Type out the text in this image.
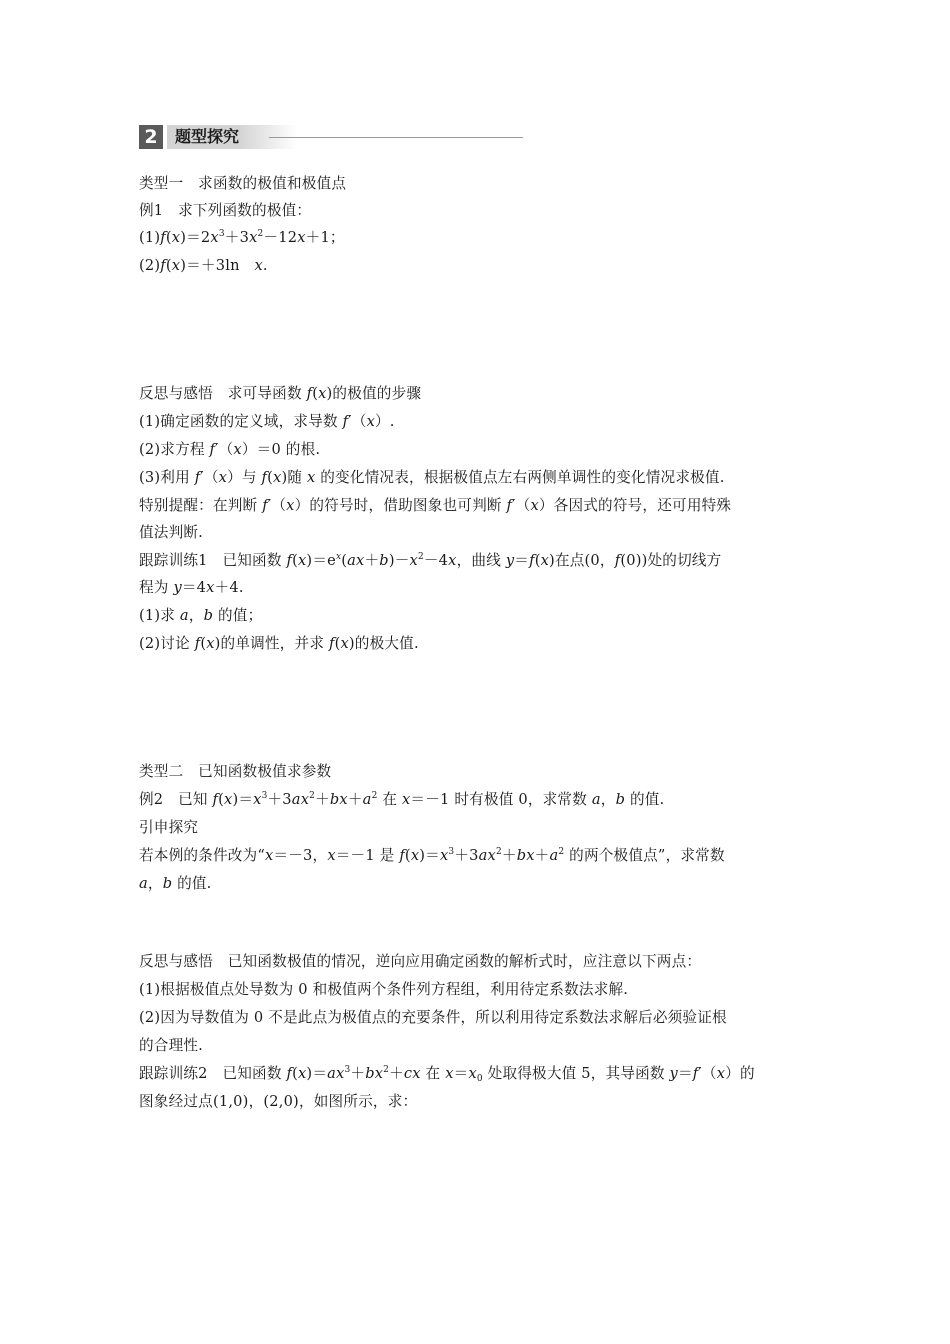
2	题型探究
类型一　求函数的极值和极值点
例1　求下列函数的极值：
$(1)f(x)=2x^3+3x^2-12x+1$；
(2)f(x)＝＋3ln　x.
反思与感悟　求可导函数 f(x)的极值的步骤
(1)确定函数的定义域，求导数 f′（x）.
(2)求方程 f′（x）＝0 的根.
(3)利用 f′（x）与 f(x)随 x 的变化情况表，根据极值点左右两侧单调性的变化情况求极值.
特别提醒：在判断 f′（x）的符号时，借助图象也可判断 f′（x）各因式的符号，还可用特殊
值法判断.
跟踪训练1　已知函数 $f(x)=e^x(ax+b)-x^2-4x$，曲线 y＝f(x)在点(0，f(0))处的切线方
程为 y＝4x＋4.
(1)求 a，b 的值；
(2)讨论 f(x)的单调性，并求 f(x)的极大值.
类型二　已知函数极值求参数
例2　已知 $f(x)=x^3+3ax^2+bx+a^2$ 在 x＝－1 时有极值 0，求常数 a，b 的值.
引申探究
若本例的条件改为“x＝－3，x＝－1 是 $f(x)=x^3+3ax^2+bx+a^2$ 的两个极值点”，求常数
a，b 的值.
反思与感悟　已知函数极值的情况，逆向应用确定函数的解析式时，应注意以下两点：
(1)根据极值点处导数为 0 和极值两个条件列方程组，利用待定系数法求解.
(2)因为导数值为 0 不是此点为极值点的充要条件，所以利用待定系数法求解后必须验证根
的合理性.
跟踪训练2　已知函数 $f(x)=ax^3+bx^2+cx$ 在 $x=x_0$ 处取得极大值 5，其导函数 y＝f′（x）的
图象经过点(1,0)，(2,0)，如图所示，求：
